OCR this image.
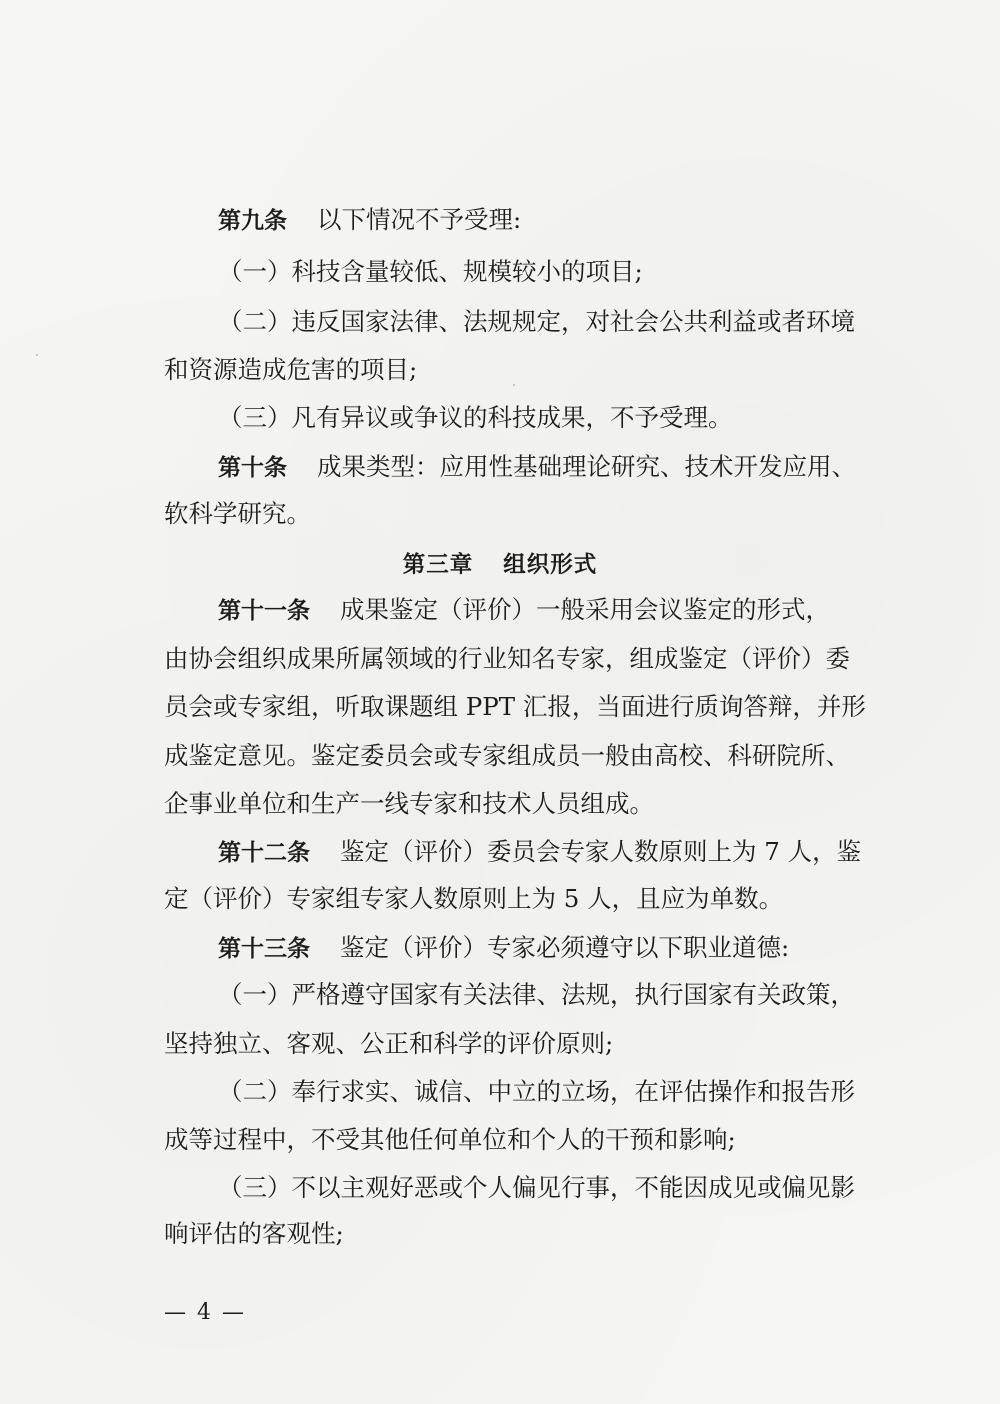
第九条 以下情况不予受理:
（一）科技含量较低、规模较小的项目;
（二）违反国家法律、法规规定，对社会公共利益或者环境
和资源造成危害的项目;
（三）凡有异议或争议的科技成果，不予受理。
第十条 成果类型：应用性基础理论研究、技术开发应用、
软科学研究。
第三章 组织形式
第十一条 成果鉴定（评价）一般采用会议鉴定的形式，
由协会组织成果所属领域的行业知名专家，组成鉴定（评价）委
员会或专家组，听取课题组 PPT 汇报，当面进行质询答辩，并形
成鉴定意见。鉴定委员会或专家组成员一般由高校、科研院所、
企事业单位和生产一线专家和技术人员组成。
第十二条 鉴定（评价）委员会专家人数原则上为 7 人，鉴
定（评价）专家组专家人数原则上为 5 人，且应为单数。
第十三条 鉴定（评价）专家必须遵守以下职业道德:
（一）严格遵守国家有关法律、法规，执行国家有关政策，
坚持独立、客观、公正和科学的评价原则;
（二）奉行求实、诚信、中立的立场，在评估操作和报告形
成等过程中，不受其他任何单位和个人的干预和影响;
（三）不以主观好恶或个人偏见行事，不能因成见或偏见影
响评估的客观性;
— 4 —
